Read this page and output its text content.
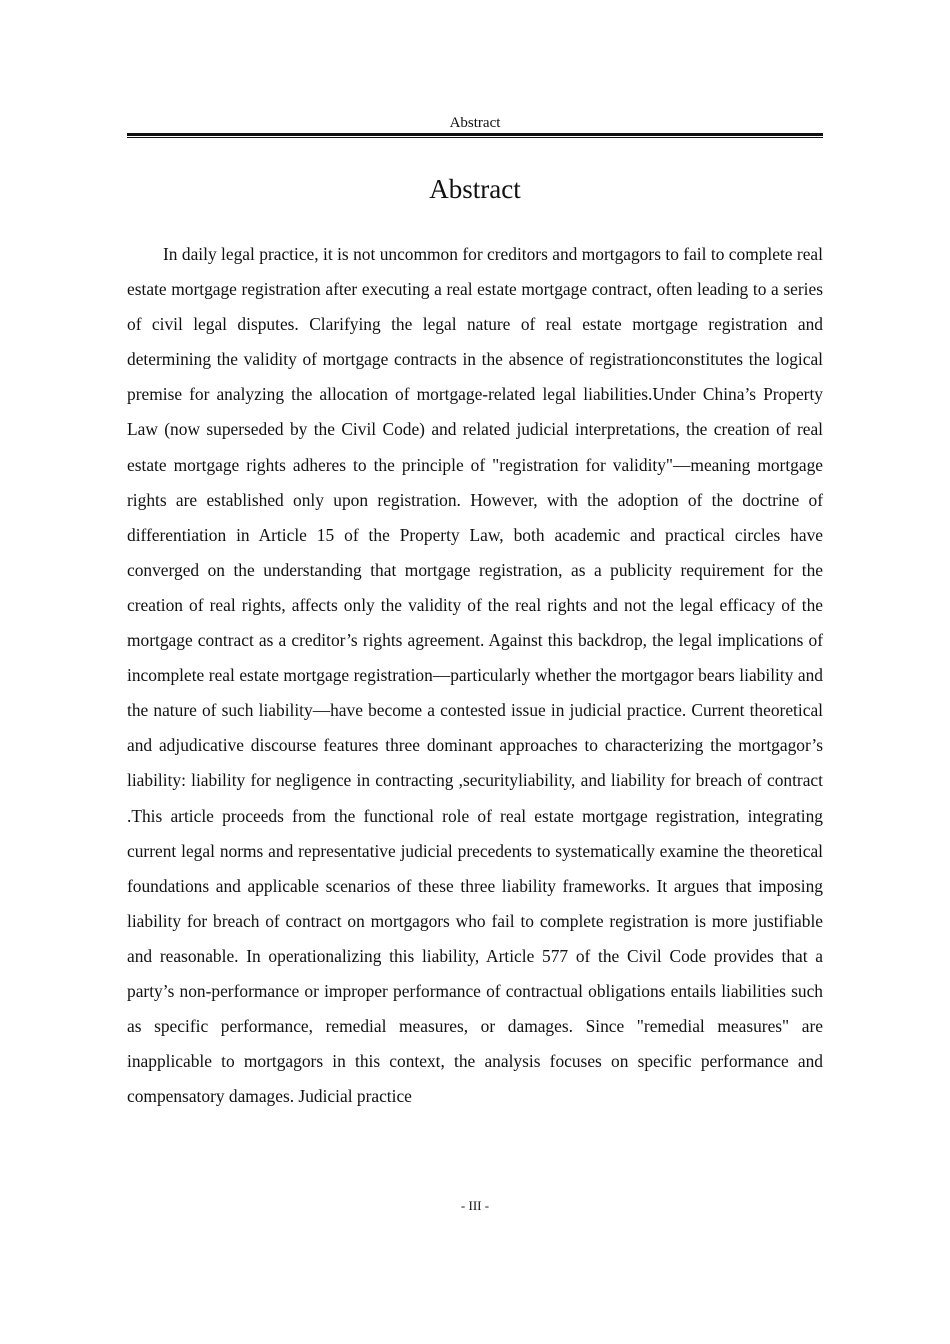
Abstract
Abstract

In daily legal practice, it is not uncommon for creditors and mortgagors to fail to complete real estate mortgage registration after executing a real estate mortgage contract, often leading to a series of civil legal disputes. Clarifying the legal nature of real estate mortgage registration and determining the validity of mortgage contracts in the absence of registrationconstitutes the logical premise for analyzing the allocation of mortgage-related legal liabilities.Under China’s Property Law (now superseded by the Civil Code) and related judicial interpretations, the creation of real estate mortgage rights adheres to the principle of "registration for validity"—meaning mortgage rights are established only upon registration. However, with the adoption of the doctrine of differentiation in Article 15 of the Property Law, both academic and practical circles have converged on the understanding that mortgage registration, as a publicity requirement for the creation of real rights, affects only the validity of the real rights and not the legal efficacy of the mortgage contract as a creditor’s rights agreement. Against this backdrop, the legal implications of incomplete real estate mortgage registration—particularly whether the mortgagor bears liability and the nature of such liability—have become a contested issue in judicial practice. Current theoretical and adjudicative discourse features three dominant approaches to characterizing the mortgagor’s liability: liability for negligence in contracting ,securityliability, and liability for breach of contract .This article proceeds from the functional role of real estate mortgage registration, integrating current legal norms and representative judicial precedents to systematically examine the theoretical foundations and applicable scenarios of these three liability frameworks. It argues that imposing liability for breach of contract on mortgagors who fail to complete registration is more justifiable and reasonable. In operationalizing this liability, Article 577 of the Civil Code provides that a party’s non-performance or improper performance of contractual obligations entails liabilities such as specific performance, remedial measures, or damages. Since "remedial measures" are inapplicable to mortgagors in this context, the analysis focuses on specific performance and compensatory damages. Judicial practice

- III -
